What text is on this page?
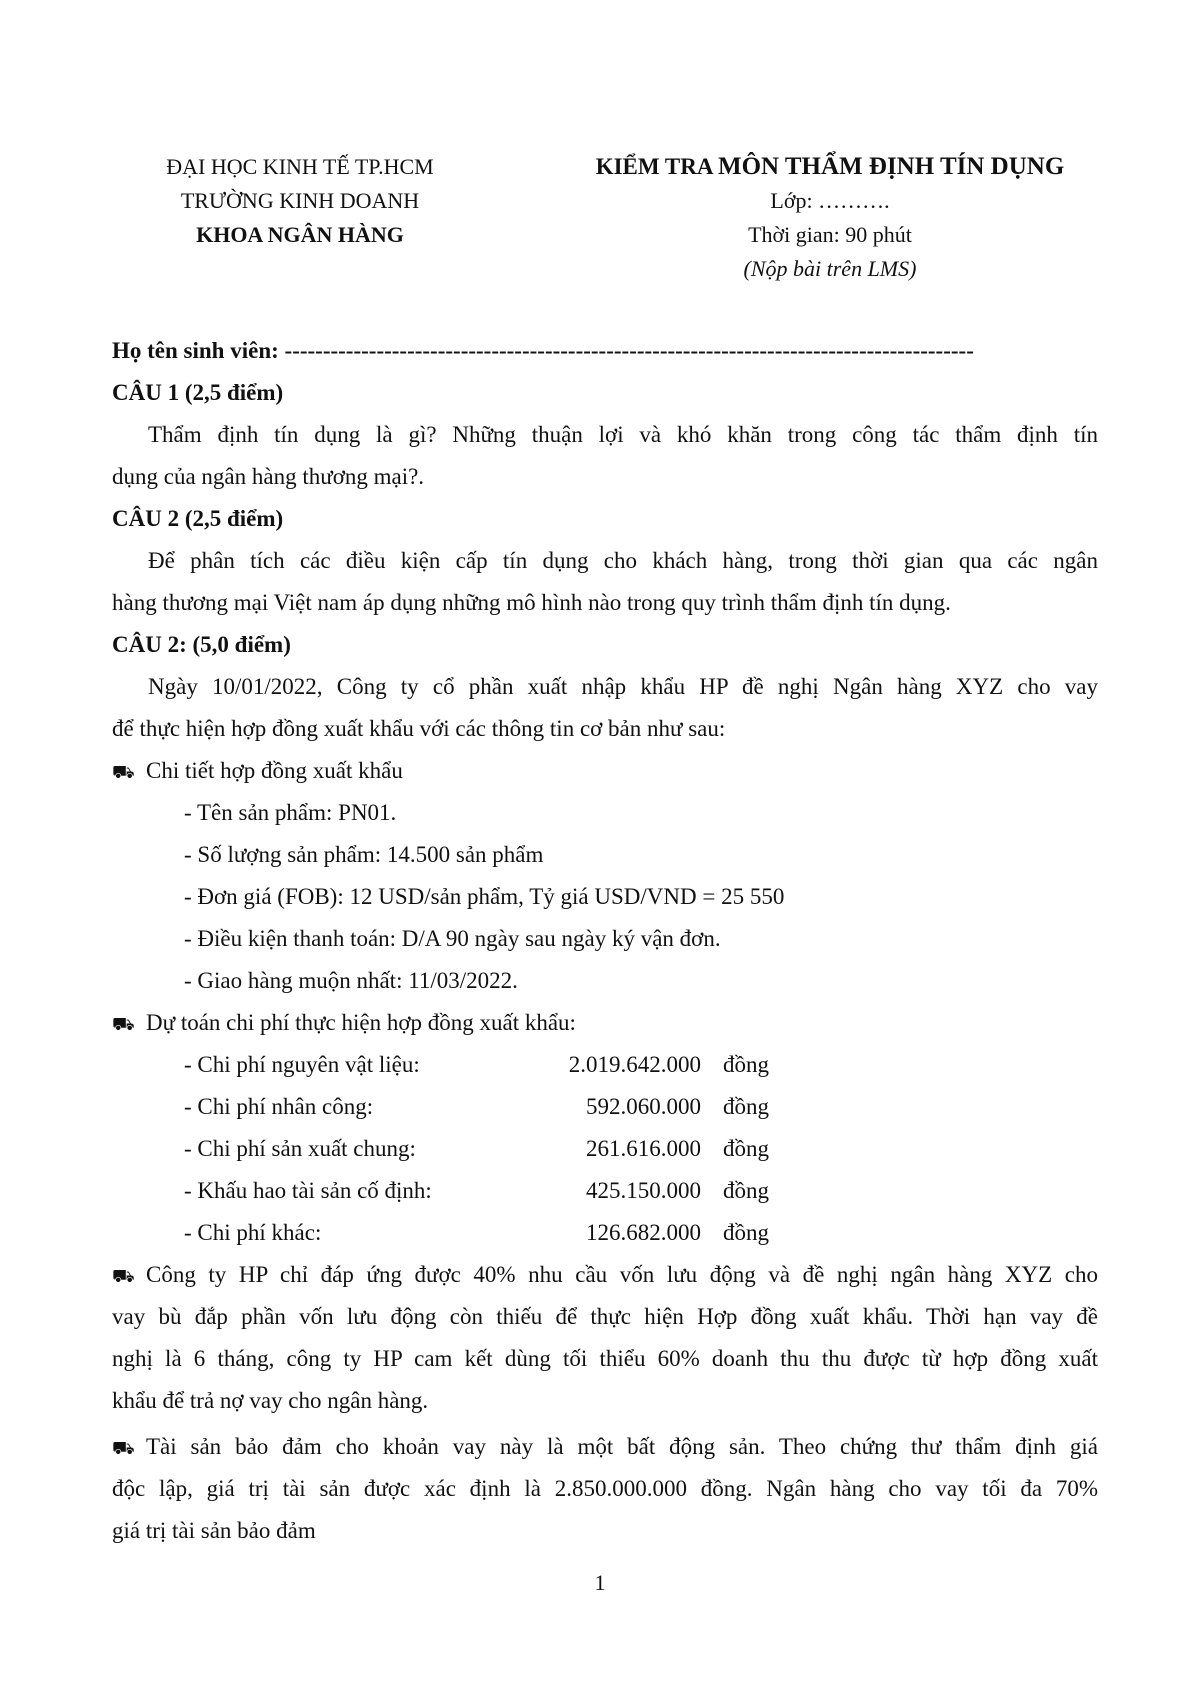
ĐẠI HỌC KINH TẾ TP.HCM
TRƯỜNG KINH DOANH
KHOA NGÂN HÀNG
KIỂM TRA MÔN THẨM ĐỊNH TÍN DỤNG
Lớp: ……….
Thời gian: 90 phút
(Nộp bài trên LMS)
Họ tên sinh viên: ------------------------------------------------------------------------------------------
CÂU 1 (2,5 điểm)
Thẩm định tín dụng là gì? Những thuận lợi và khó khăn trong công tác thẩm định tín
dụng của ngân hàng thương mại?.
CÂU 2 (2,5 điểm)
Để phân tích các điều kiện cấp tín dụng cho khách hàng, trong thời gian qua các ngân
hàng thương mại Việt nam áp dụng những mô hình nào trong quy trình thẩm định tín dụng.
CÂU 2: (5,0 điểm)
Ngày 10/01/2022, Công ty cổ phần xuất nhập khẩu HP đề nghị Ngân hàng XYZ cho vay
để thực hiện hợp đồng xuất khẩu với các thông tin cơ bản như sau:
⛟ Chi tiết hợp đồng xuất khẩu
- Tên sản phẩm: PN01.
- Số lượng sản phẩm: 14.500 sản phẩm
- Đơn giá (FOB): 12 USD/sản phẩm, Tỷ giá USD/VND = 25 550
- Điều kiện thanh toán: D/A 90 ngày sau ngày ký vận đơn.
- Giao hàng muộn nhất: 11/03/2022.
⛟ Dự toán chi phí thực hiện hợp đồng xuất khẩu:
- Chi phí nguyên vật liệu:	2.019.642.000 đồng
- Chi phí nhân công:	592.060.000 đồng
- Chi phí sản xuất chung:	261.616.000 đồng
- Khấu hao tài sản cố định:	425.150.000 đồng
- Chi phí khác:	126.682.000 đồng
⛟ Công ty HP chỉ đáp ứng được 40% nhu cầu vốn lưu động và đề nghị ngân hàng XYZ cho
vay bù đắp phần vốn lưu động còn thiếu để thực hiện Hợp đồng xuất khẩu. Thời hạn vay đề
nghị là 6 tháng, công ty HP cam kết dùng tối thiểu 60% doanh thu thu được từ hợp đồng xuất
khẩu để trả nợ vay cho ngân hàng.
⛟ Tài sản bảo đảm cho khoản vay này là một bất động sản. Theo chứng thư thẩm định giá
độc lập, giá trị tài sản được xác định là 2.850.000.000 đồng. Ngân hàng cho vay tối đa 70%
giá trị tài sản bảo đảm
1
